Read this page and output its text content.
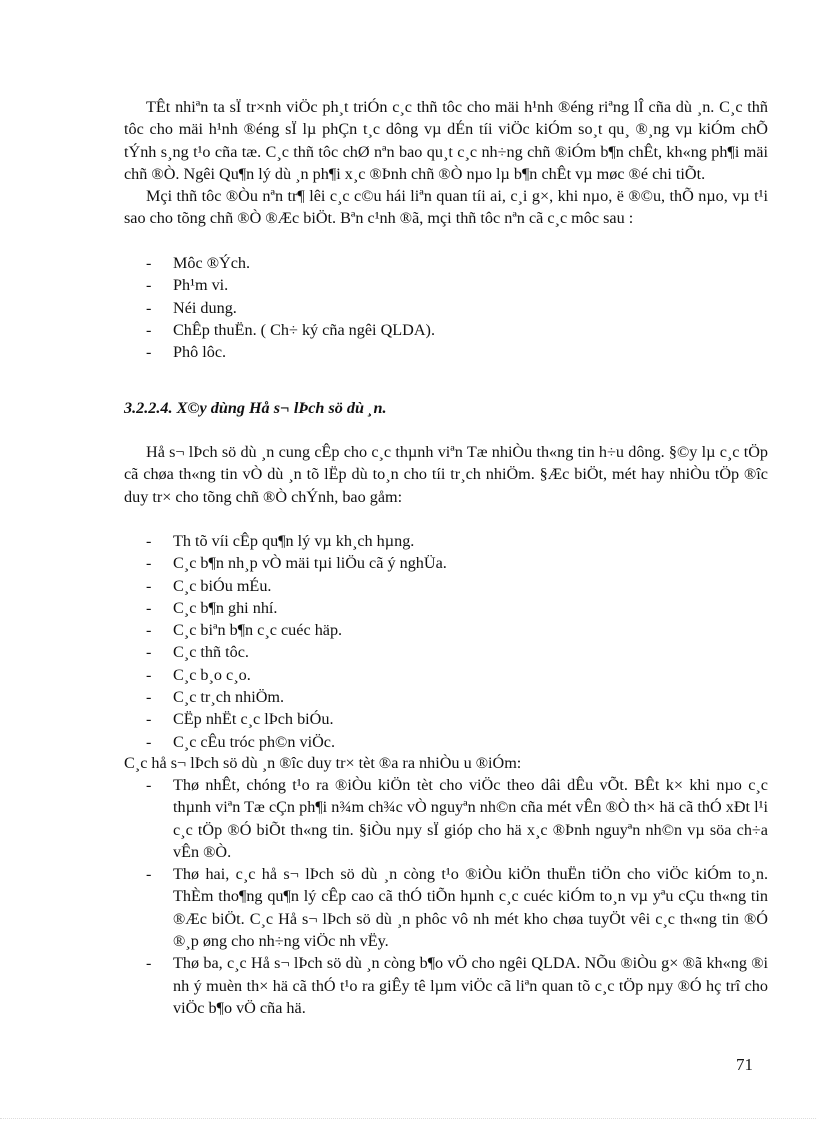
TÊt nhiªn ta sÏ tr×nh viÖc ph¸t triÓn c¸c thñ tôc cho mäi h¹nh ®éng riªng lÎ cña dù ¸n. C¸c thñ tôc cho mäi h¹nh ®éng sÏ lµ phÇn t¸c dông vµ dÉn tíi viÖc kiÓm so¸t qu¸ ®¸ng vµ kiÓm chÕ tÝnh s¸ng t¹o cña tæ. C¸c thñ tôc chØ nªn bao qu¸t c¸c nh÷ng chñ ®iÓm b¶n chÊt, kh«ng ph¶i mäi chñ ®Ò. Ngêi Qu¶n lý dù ¸n ph¶i x¸c ®Þnh chñ ®Ò nµo lµ b¶n chÊt vµ møc ®é chi tiÕt.

Mçi thñ tôc ®Òu nªn tr¶ lêi c¸c c©u hái liªn quan tíi ai, c¸i g×, khi nµo, ë ®©u, thÕ nµo, vµ t¹i sao cho tõng chñ ®Ò ®Æc biÖt. Bªn c¹nh ®ã, mçi thñ tôc nªn cã c¸c môc sau :

- Môc ®Ých.
- Ph¹m vi.
- Néi dung.
- ChÊp thuËn. ( Ch÷ ký cña ngêi QLDA).
- Phô lôc.

3.2.2.4. X©y dùng Hå s¬ lÞch sö dù ¸n.

Hå s¬ lÞch sö dù ¸n cung cÊp cho c¸c thµnh viªn Tæ nhiÒu th«ng tin h÷u dông. §©y lµ c¸c tÖp cã chøa th«ng tin vÒ dù ¸n tõ lËp dù to¸n cho tíi tr¸ch nhiÖm. §Æc biÖt, mét hay nhiÒu tÖp ®îc duy tr× cho tõng chñ ®Ò chÝnh, bao gåm:

- Th tõ víi cÊp qu¶n lý vµ kh¸ch hµng.
- C¸c b¶n nh¸p vÒ mäi tµi liÖu cã ý nghÜa.
- C¸c biÓu mÉu.
- C¸c b¶n ghi nhí.
- C¸c biªn b¶n c¸c cuéc häp.
- C¸c thñ tôc.
- C¸c b¸o c¸o.
- C¸c tr¸ch nhiÖm.
- CËp nhËt c¸c lÞch biÓu.
- C¸c cÊu tróc ph©n viÖc.

C¸c hå s¬ lÞch sö dù ¸n ®îc duy tr× tèt ®a ra nhiÒu u ®iÓm:

- Thø nhÊt, chóng t¹o ra ®iÒu kiÖn tèt cho viÖc theo dâi dÊu vÕt. BÊt k× khi nµo c¸c thµnh viªn Tæ cÇn ph¶i n¾m ch¾c vÒ nguyªn nh©n cña mét vÊn ®Ò th× hä cã thÓ xÐt l¹i c¸c tÖp ®Ó biÕt th«ng tin. §iÒu nµy sÏ gióp cho hä x¸c ®Þnh nguyªn nh©n vµ söa ch÷a vÊn ®Ò.
- Thø hai, c¸c hå s¬ lÞch sö dù ¸n còng t¹o ®iÒu kiÖn thuËn tiÖn cho viÖc kiÓm to¸n. ThÈm tho¶ng qu¶n lý cÊp cao cã thÓ tiÕn hµnh c¸c cuéc kiÓm to¸n vµ yªu cÇu th«ng tin ®Æc biÖt. C¸c Hå s¬ lÞch sö dù ¸n phôc vô nh mét kho chøa tuyÖt vêi c¸c th«ng tin ®Ó ®¸p øng cho nh÷ng viÖc nh vËy.
- Thø ba, c¸c Hå s¬ lÞch sö dù ¸n còng b¶o vÖ cho ngêi QLDA. NÕu ®iÒu g× ®ã kh«ng ®i nh ý muèn th× hä cã thÓ t¹o ra giÊy tê lµm viÖc cã liªn quan tõ c¸c tÖp nµy ®Ó hç trî cho viÖc b¶o vÖ cña hä.
71
